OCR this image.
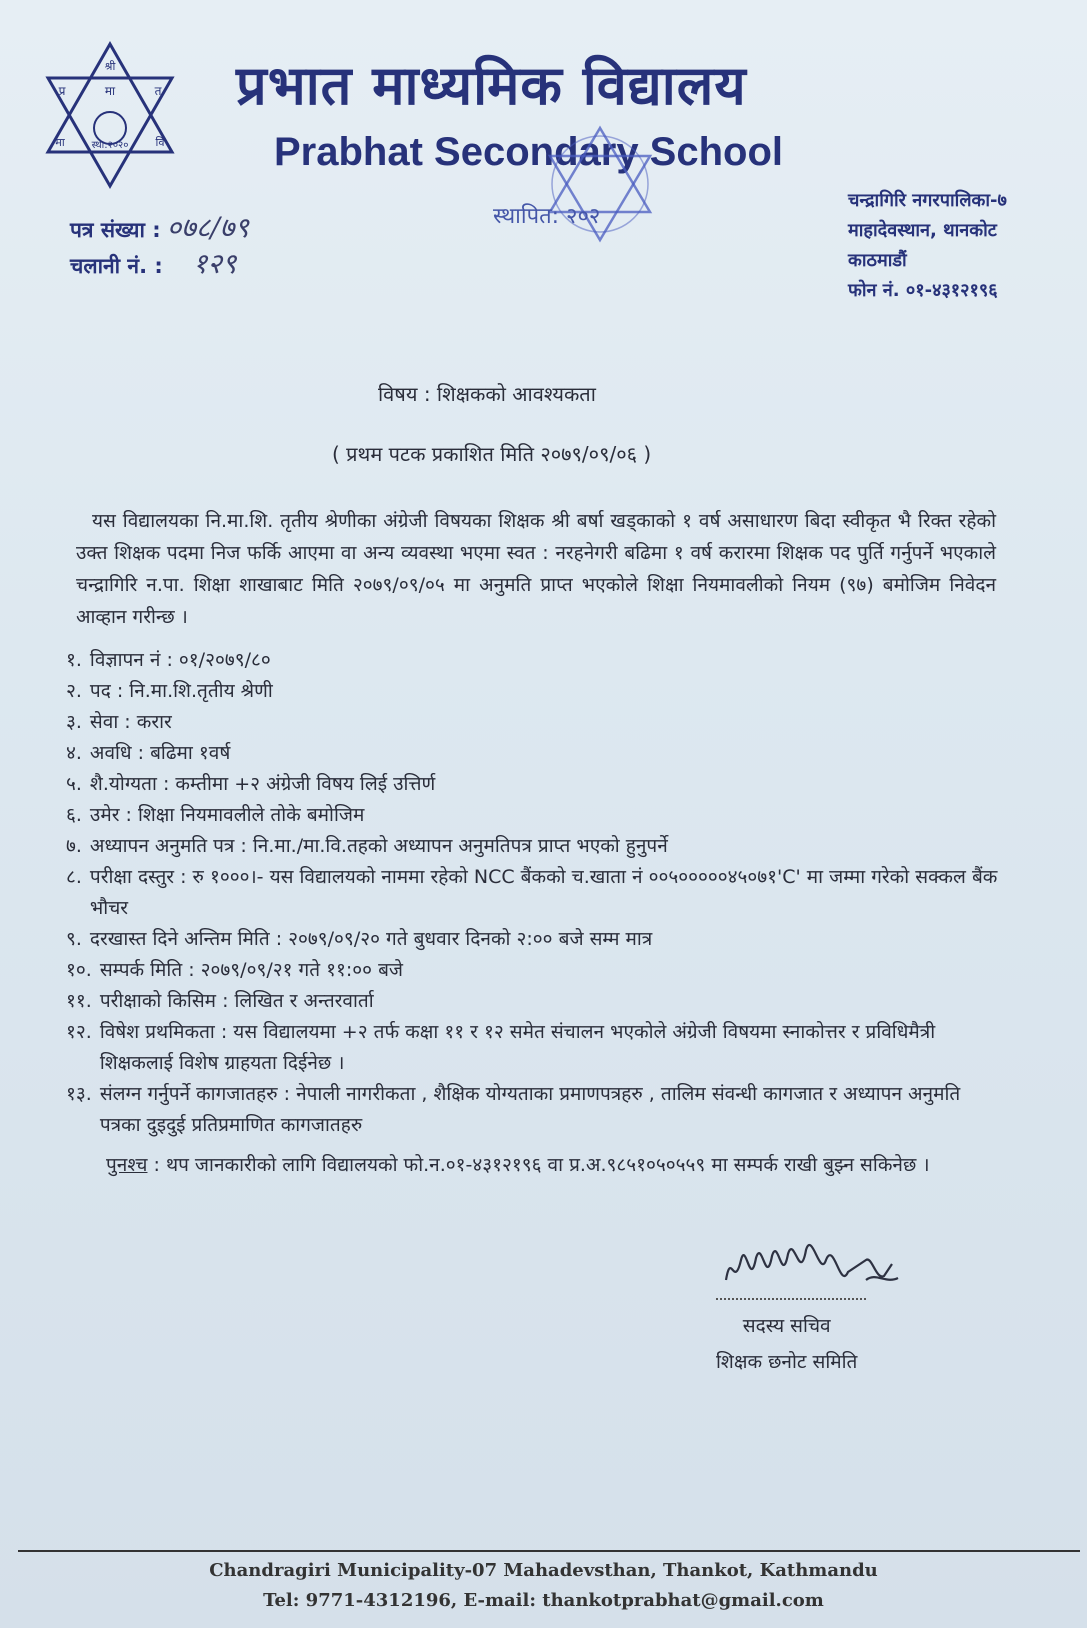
श्री
मा
प्र	त
मा	स्था:२०२० वि
प्रभात माध्यमिक विद्यालय
Prabhat Secondary School
स्थापित: २०२
पत्र संख्या : ०७८/७९
चलानी नं. : १२९
चन्द्रागिरि नगरपालिका-७
माहादेवस्थान, थानकोट
काठमाडौं
फोन नं. ०१-४३१२१९६
विषय : शिक्षकको आवश्यकता
( प्रथम पटक प्रकाशित मिति २०७९/०९/०६ )
यस विद्यालयका नि.मा.शि. तृतीय श्रेणीका अंग्रेजी विषयका शिक्षक श्री बर्षा खड्काको १ वर्ष असाधारण बिदा स्वीकृत भै रिक्त रहेको उक्त शिक्षक पदमा निज फर्कि आएमा वा अन्य व्यवस्था भएमा स्वत : नरहनेगरी बढिमा १ वर्ष करारमा शिक्षक पद पुर्ति गर्नुपर्ने भएकाले चन्द्रागिरि न.पा. शिक्षा शाखाबाट मिति २०७९/०९/०५ मा अनुमति प्राप्त भएकोले शिक्षा नियमावलीको नियम (९७) बमोजिम निवेदन आव्हान गरीन्छ ।
१. विज्ञापन नं : ०१/२०७९/८०
२. पद : नि.मा.शि.तृतीय श्रेणी
३. सेवा : करार
४. अवधि : बढिमा १वर्ष
५. शै.योग्यता : कम्तीमा +२ अंग्रेजी विषय लिई उत्तिर्ण
६. उमेर : शिक्षा नियमावलीले तोके बमोजिम
७. अध्यापन अनुमति पत्र : नि.मा./मा.वि.तहको अध्यापन अनुमतिपत्र प्राप्त भएको हुनुपर्ने
८. परीक्षा दस्तुर : रु १०००।- यस विद्यालयको नाममा रहेको NCC बैंकको च.खाता नं ००५०००००४५०७१'C' मा जम्मा गरेको सक्कल बैंक भौचर
९. दरखास्त दिने अन्तिम मिति : २०७९/०९/२० गते बुधवार दिनको २:०० बजे सम्म मात्र
१०. सम्पर्क मिति : २०७९/०९/२१ गते ११:०० बजे
११. परीक्षाको किसिम : लिखित र अन्तरवार्ता
१२. विषेश प्रथमिकता : यस विद्यालयमा +२ तर्फ कक्षा ११ र १२ समेत संचालन भएकोले अंग्रेजी विषयमा स्नाकोत्तर र प्रविधिमैत्री शिक्षकलाई विशेष ग्राहयता दिईनेछ ।
१३. संलग्न गर्नुपर्ने कागजातहरु : नेपाली नागरीकता , शैक्षिक योग्यताका प्रमाणपत्रहरु , तालिम संवन्धी कागजात र अध्यापन अनुमति पत्रका दुइदुई प्रतिप्रमाणित कागजातहरु
पुनश्च : थप जानकारीको लागि विद्यालयको फो.न.०१-४३१२१९६ वा प्र.अ.९८५१०५०५५९ मा सम्पर्क राखी बुझ्न सकिनेछ ।
सदस्य सचिव
शिक्षक छनोट समिति
Chandragiri Municipality-07 Mahadevsthan, Thankot, Kathmandu
Tel: 9771-4312196, E-mail: thankotprabhat@gmail.com
